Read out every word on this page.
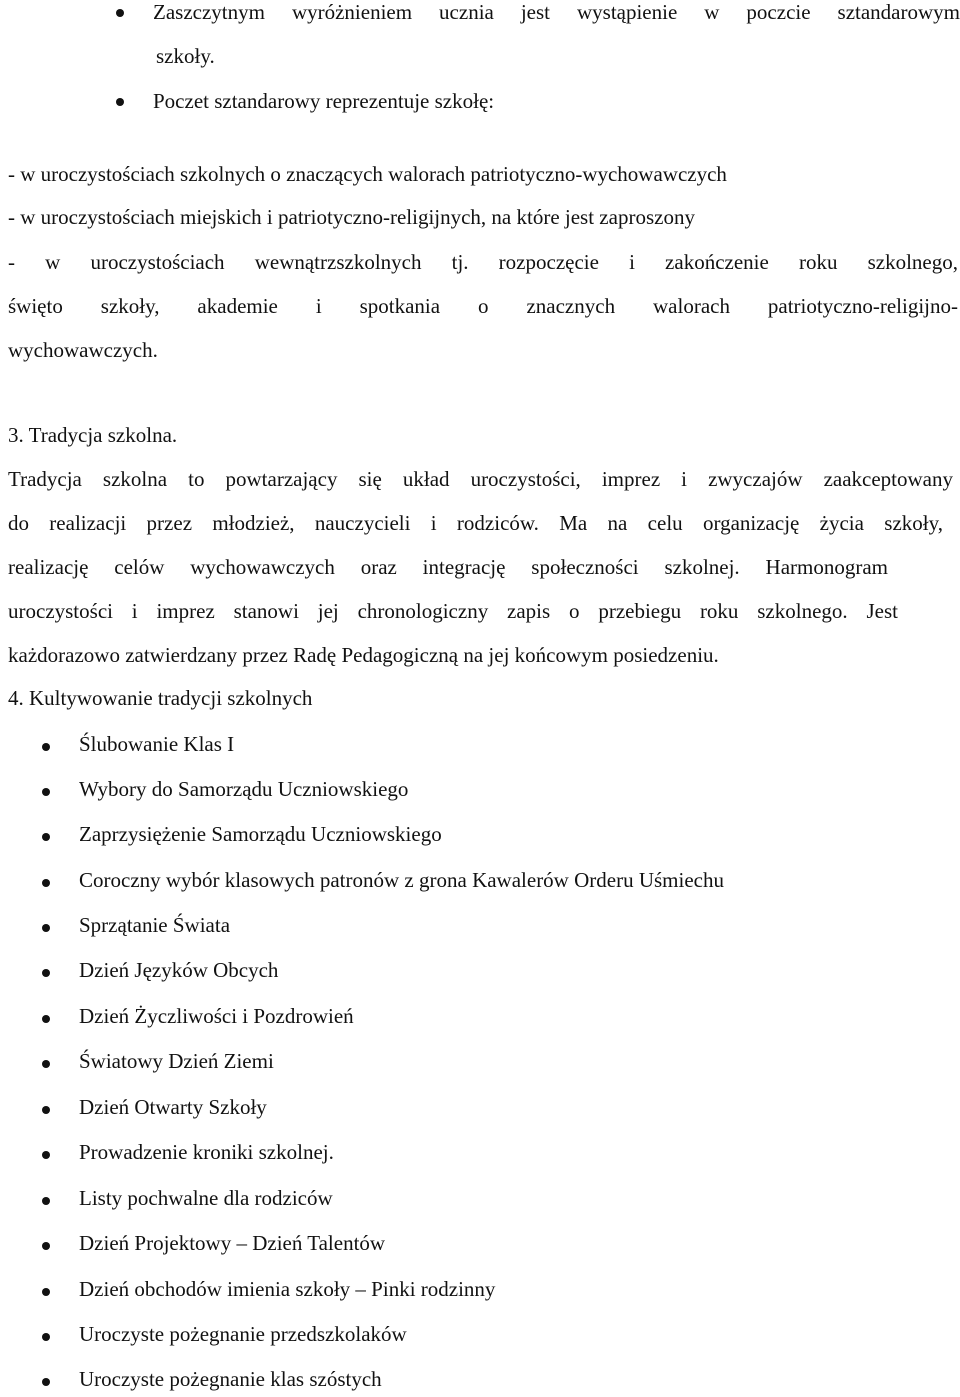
Zaszczytnym wyróżnieniem ucznia jest wystąpienie w poczcie sztandarowym
szkoły.
Poczet sztandarowy reprezentuje szkołę:
- w uroczystościach szkolnych o znaczących walorach patriotyczno-wychowawczych
- w uroczystościach miejskich i patriotyczno-religijnych, na które jest zaproszony
- w uroczystościach wewnątrzszkolnych tj. rozpoczęcie i zakończenie roku szkolnego,
święto szkoły, akademie i spotkania o znacznych walorach patriotyczno-religijno-
wychowawczych.
3. Tradycja szkolna.
Tradycja szkolna to powtarzający się układ uroczystości, imprez i zwyczajów zaakceptowany
do realizacji przez młodzież, nauczycieli i rodziców. Ma na celu organizację życia szkoły,
realizację celów wychowawczych oraz integrację społeczności szkolnej. Harmonogram
uroczystości i imprez stanowi jej chronologiczny zapis o przebiegu roku szkolnego. Jest
każdorazowo zatwierdzany przez Radę Pedagogiczną na jej końcowym posiedzeniu.
4. Kultywowanie tradycji szkolnych
Ślubowanie Klas I
Wybory do Samorządu Uczniowskiego
Zaprzysiężenie Samorządu Uczniowskiego
Coroczny wybór klasowych patronów z grona Kawalerów Orderu Uśmiechu
Sprzątanie Świata
Dzień Języków Obcych
Dzień Życzliwości i Pozdrowień
Światowy Dzień Ziemi
Dzień Otwarty Szkoły
Prowadzenie kroniki szkolnej.
Listy pochwalne dla rodziców
Dzień Projektowy – Dzień Talentów
Dzień obchodów imienia szkoły – Pinki rodzinny
Uroczyste pożegnanie przedszkolaków
Uroczyste pożegnanie klas szóstych
